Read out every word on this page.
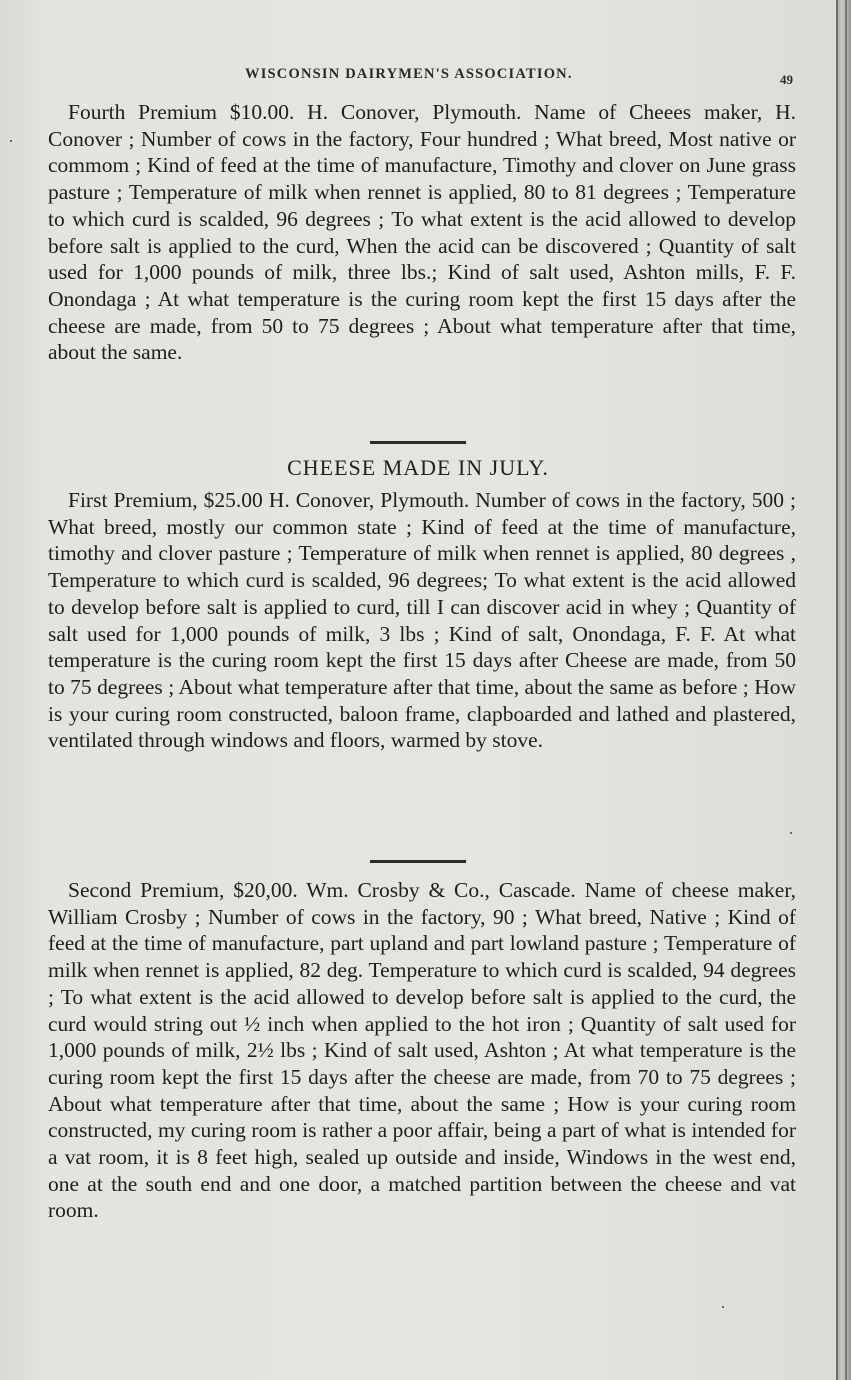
WISCONSIN DAIRYMEN'S ASSOCIATION.	49

Fourth Premium $10.00. H. Conover, Plymouth. Name of Cheees maker, H. Conover ; Number of cows in the factory, Four hundred ; What breed, Most native or commom ; Kind of feed at the time of manufacture, Timothy and clover on June grass pasture ; Temperature of milk when rennet is applied, 80 to 81 degrees ; Temperature to which curd is scalded, 96 degrees ; To what extent is the acid allowed to develop before salt is applied to the curd, When the acid can be discovered ; Quantity of salt used for 1,000 pounds of milk, three lbs.; Kind of salt used, Ashton mills, F. F. Onondaga ; At what temperature is the curing room kept the first 15 days after the cheese are made, from 50 to 75 degrees ; About what temperature after that time, about the same.

CHEESE MADE IN JULY.

First Premium, $25.00 H. Conover, Plymouth. Number of cows in the factory, 500 ; What breed, mostly our common state ; Kind of feed at the time of manufacture, timothy and clover pasture ; Temperature of milk when rennet is applied, 80 degrees , Temperature to which curd is scalded, 96 degrees; To what extent is the acid allowed to develop before salt is applied to curd, till I can discover acid in whey ; Quantity of salt used for 1,000 pounds of milk, 3 lbs ; Kind of salt, Onondaga, F. F. At what temperature is the curing room kept the first 15 days after Cheese are made, from 50 to 75 degrees ; About what temperature after that time, about the same as before ; How is your curing room constructed, baloon frame, clapboarded and lathed and plastered, ventilated through windows and floors, warmed by stove.

Second Premium, $20,00. Wm. Crosby & Co., Cascade. Name of cheese maker, William Crosby ; Number of cows in the factory, 90 ; What breed, Native ; Kind of feed at the time of manufacture, part upland and part lowland pasture ; Temperature of milk when rennet is applied, 82 deg. Temperature to which curd is scalded, 94 degrees ; To what extent is the acid allowed to develop before salt is applied to the curd, the curd would string out ½ inch when applied to the hot iron ; Quantity of salt used for 1,000 pounds of milk, 2½ lbs ; Kind of salt used, Ashton ; At what temperature is the curing room kept the first 15 days after the cheese are made, from 70 to 75 degrees ; About what temperature after that time, about the same ; How is your curing room constructed, my curing room is rather a poor affair, being a part of what is intended for a vat room, it is 8 feet high, sealed up outside and inside, Windows in the west end, one at the south end and one door, a matched partition between the cheese and vat room.
